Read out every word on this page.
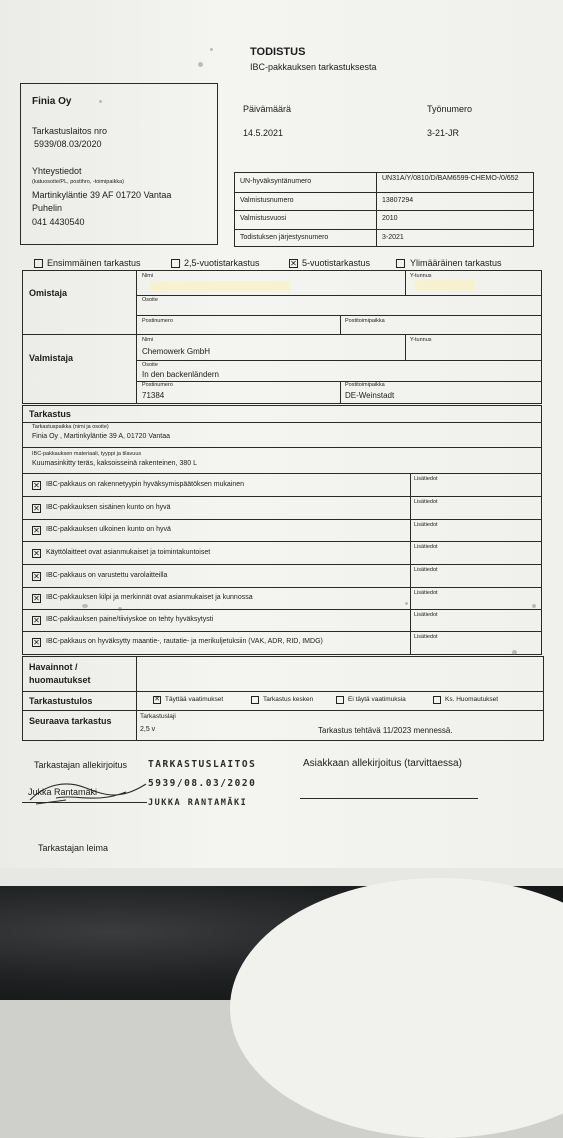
TODISTUS
IBC-pakkauksen tarkastuksesta
Finia Oy
Tarkastuslaitos nro
5939/08.03/2020
Yhteystiedot
(katuosoite/PL, postihro, -toimipaikka)
Martinkyläntie 39 AF 01720 Vantaa
Puhelin
041 4430540
Päivämäärä
14.5.2021
Työnumero
3-21-JR
UN-hyväksyntänumero	UN31A/Y/0810/D/BAM6599-CHEMO-/0/652
Valmistusnumero	13807294
Valmistusvuosi	2010
Todistuksen järjestysnumero	3-2021
Ensimmäinen tarkastus	2,5-vuotistarkastus	✕ 5-vuotistarkastus	Ylimääräinen tarkastus
Omistaja
Nimi	Y-tunnus
Osoite
Postinumero	Postitoimipaikka
Valmistaja
Nimi
Chemowerk GmbH
Y-tunnus
Osoite
In den backenländern
Postinumero
71384
Postitoimipaikka
DE-Weinstadt
Tarkastus
Tarkastuspaikka (nimi ja osoite)
Finia Oy , Martinkyläntie 39 A, 01720 Vantaa
IBC-pakkauksen materiaali, tyyppi ja tilavuus
Kuumasinkitty teräs, kaksoisseinä rakenteinen, 380 L
✕ IBC-pakkaus on rakennetyypin hyväksymispäätöksen mukainen
Lisätiedot
✕ IBC-pakkauksen sisäinen kunto on hyvä
Lisätiedot
✕ IBC-pakkauksen ulkoinen kunto on hyvä
Lisätiedot
✕ Käyttölaitteet ovat asianmukaiset ja toimintakuntoiset
Lisätiedot
✕ IBC-pakkaus on varustettu varolaitteilla
Lisätiedot
✕ IBC-pakkauksen kilpi ja merkinnät ovat asianmukaiset ja kunnossa
Lisätiedot
✕ IBC-pakkauksen paine/tiiviyskoe on tehty hyväksytysti
Lisätiedot
✕ IBC-pakkaus on hyväksytty maantie-, rautatie- ja merikuljetuksiin (VAK, ADR, RID, IMDG)
Lisätiedot
Havainnot /
huomautukset
Tarkastustulos	✕ Täyttää vaatimukset	Tarkastus kesken	Ei täytä vaatimuksia	Ks. Huomautukset
Seuraava tarkastus	Tarkastuslaji
2,5 v	Tarkastus tehtävä 11/2023 mennessä.
Tarkastajan allekirjoitus TARKASTUSLAITOS
5939/08.03/2020
JUKKA RANTAMÄKI
Jukka Rantamäki
Asiakkaan allekirjoitus (tarvittaessa)
Tarkastajan leima
